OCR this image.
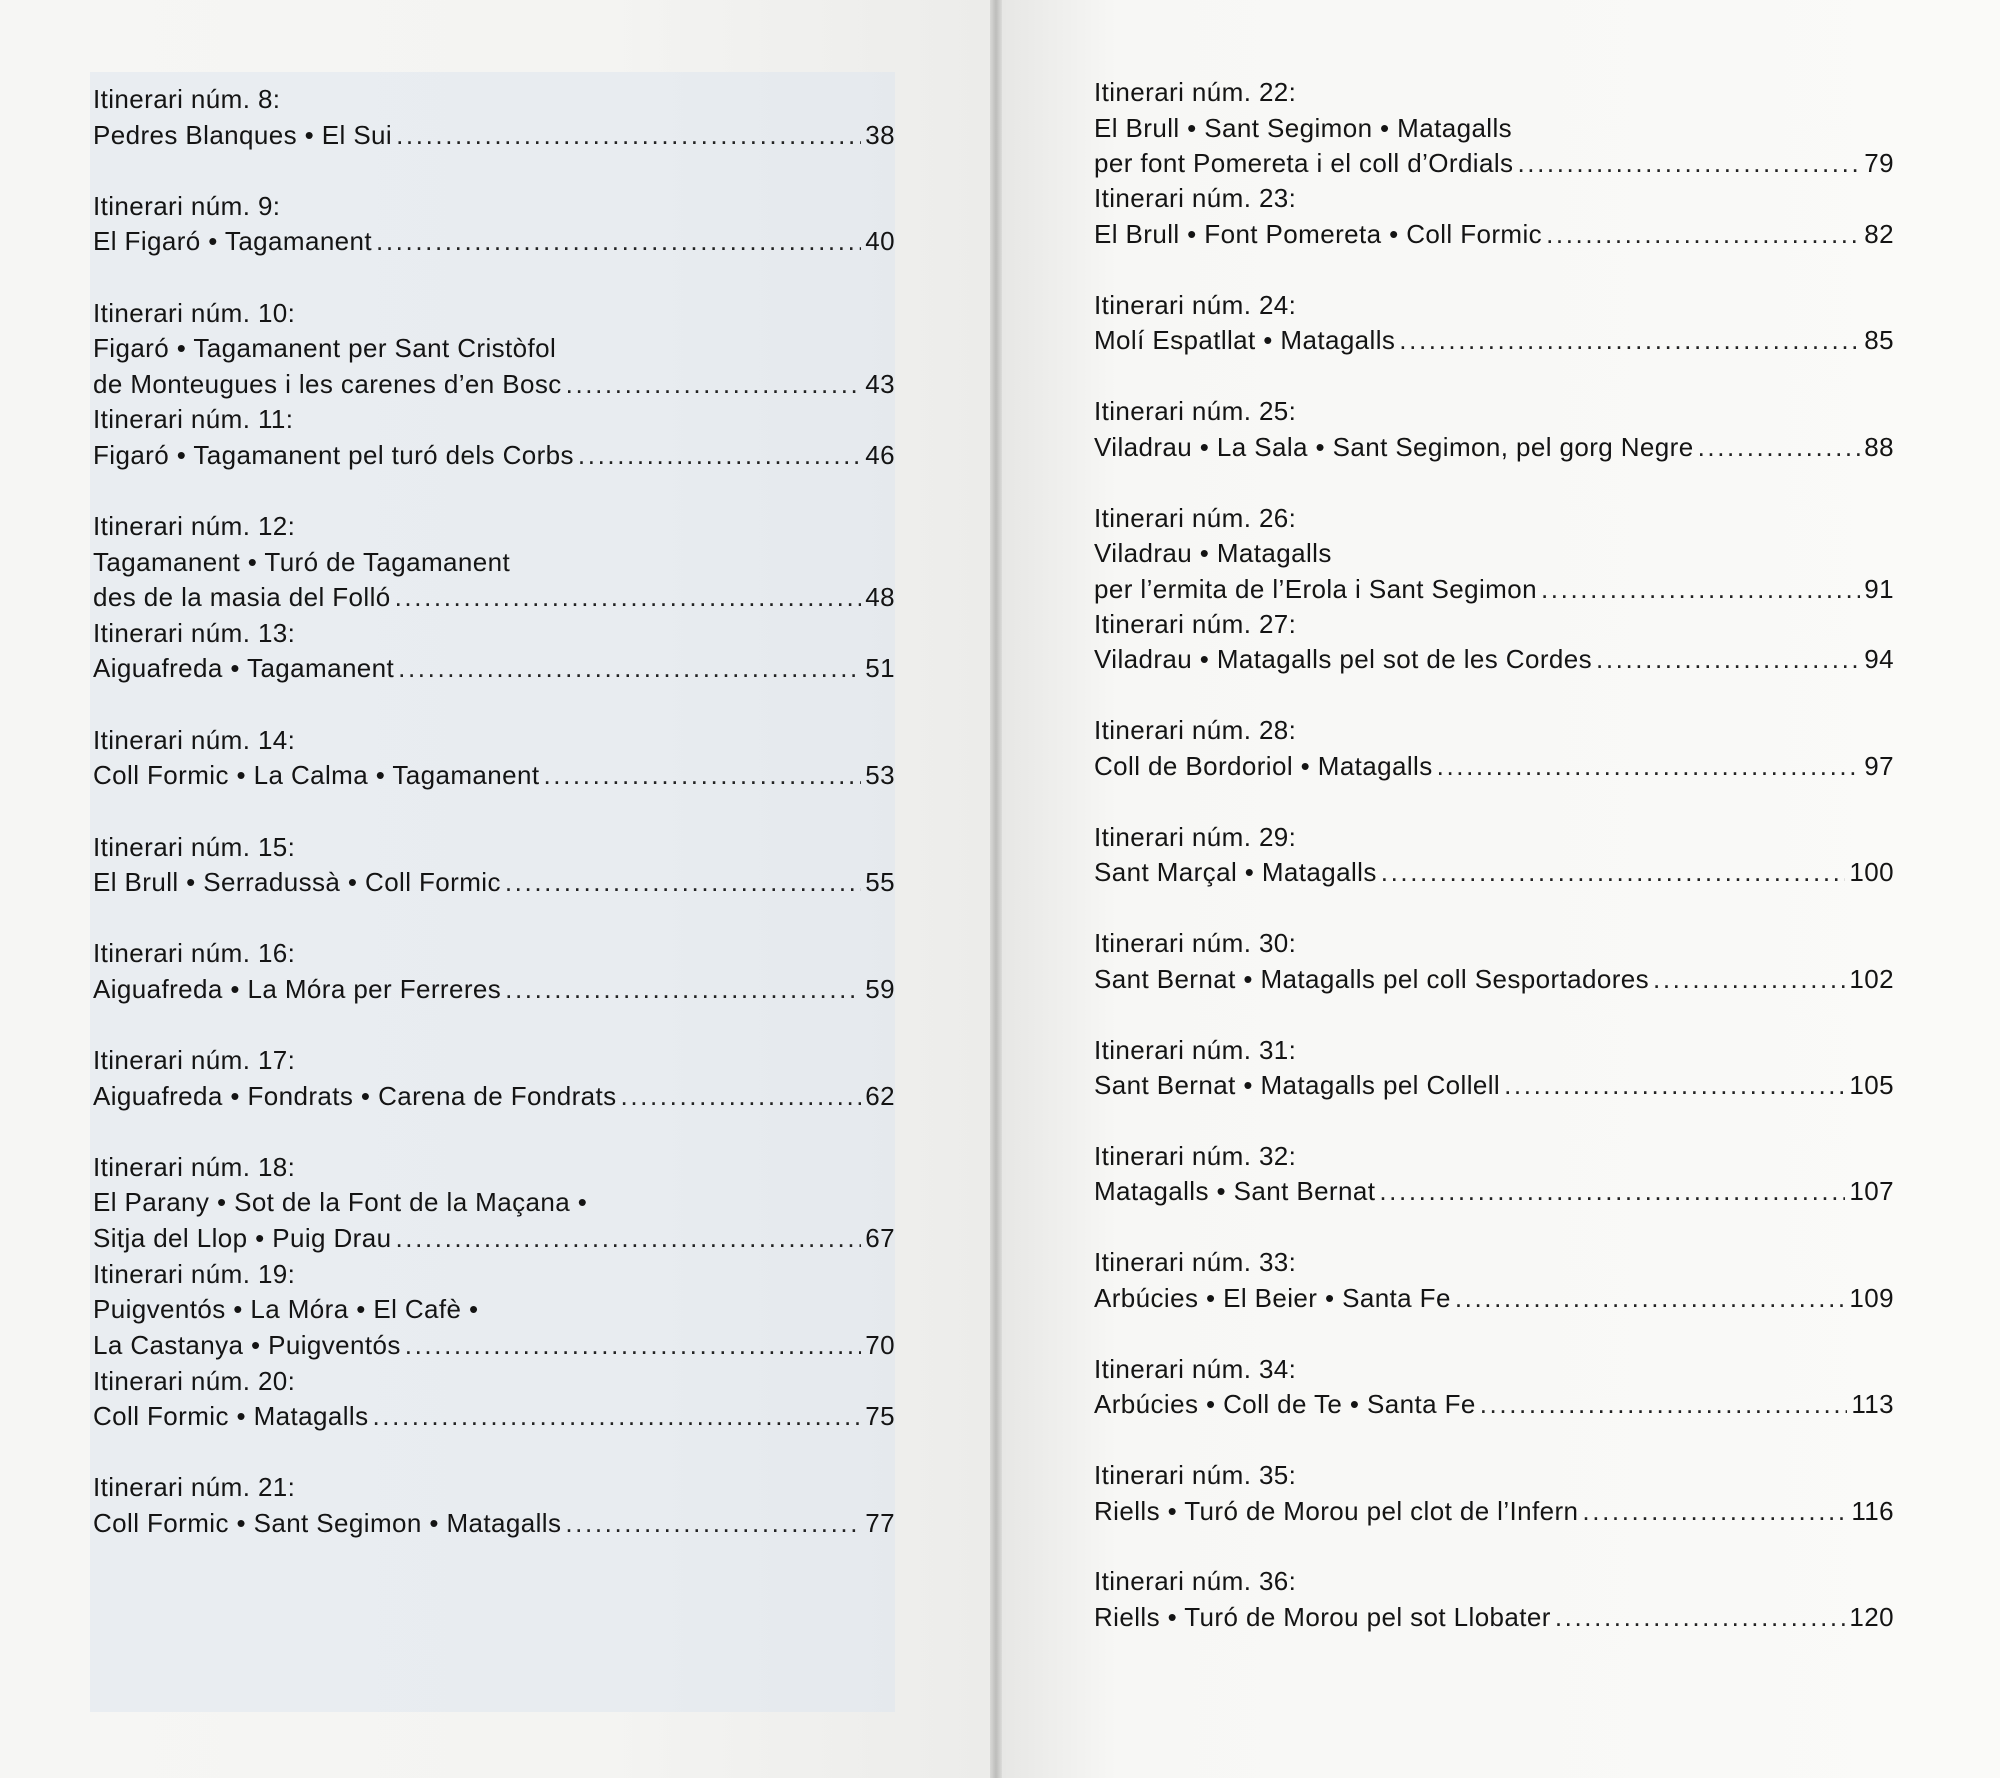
Itinerari núm. 8:
Pedres Blanques • El Sui .....	38
Itinerari núm. 9:
El Figaró • Tagamanent .....	40
Itinerari núm. 10:
Figaró • Tagamanent per Sant Cristòfol
de Monteugues i les carenes d’en Bosc .....	43
Itinerari núm. 11:
Figaró • Tagamanent pel turó dels Corbs .....	46
Itinerari núm. 12:
Tagamanent • Turó de Tagamanent
des de la masia del Folló .....	48
Itinerari núm. 13:
Aiguafreda • Tagamanent .....	51
Itinerari núm. 14:
Coll Formic • La Calma • Tagamanent .....	53
Itinerari núm. 15:
El Brull • Serradussà • Coll Formic .....	55
Itinerari núm. 16:
Aiguafreda • La Móra per Ferreres .....	59
Itinerari núm. 17:
Aiguafreda • Fondrats • Carena de Fondrats .....	62
Itinerari núm. 18:
El Parany • Sot de la Font de la Maçana •
Sitja del Llop • Puig Drau .....	67
Itinerari núm. 19:
Puigventós • La Móra • El Cafè •
La Castanya • Puigventós .....	70
Itinerari núm. 20:
Coll Formic • Matagalls .....	75
Itinerari núm. 21:
Coll Formic • Sant Segimon • Matagalls .....	77
Itinerari núm. 22:
El Brull • Sant Segimon • Matagalls
per font Pomereta i el coll d’Ordials .....	79
Itinerari núm. 23:
El Brull • Font Pomereta • Coll Formic .....	82
Itinerari núm. 24:
Molí Espatllat • Matagalls .....	85
Itinerari núm. 25:
Viladrau • La Sala • Sant Segimon, pel gorg Negre .....	88
Itinerari núm. 26:
Viladrau • Matagalls
per l’ermita de l’Erola i Sant Segimon .....	91
Itinerari núm. 27:
Viladrau • Matagalls pel sot de les Cordes .....	94
Itinerari núm. 28:
Coll de Bordoriol • Matagalls .....	97
Itinerari núm. 29:
Sant Marçal • Matagalls .....	100
Itinerari núm. 30:
Sant Bernat • Matagalls pel coll Sesportadores .....	102
Itinerari núm. 31:
Sant Bernat • Matagalls pel Collell .....	105
Itinerari núm. 32:
Matagalls • Sant Bernat .....	107
Itinerari núm. 33:
Arbúcies • El Beier • Santa Fe .....	109
Itinerari núm. 34:
Arbúcies • Coll de Te • Santa Fe .....	113
Itinerari núm. 35:
Riells • Turó de Morou pel clot de l’Infern .....	116
Itinerari núm. 36:
Riells • Turó de Morou pel sot Llobater .....	120
